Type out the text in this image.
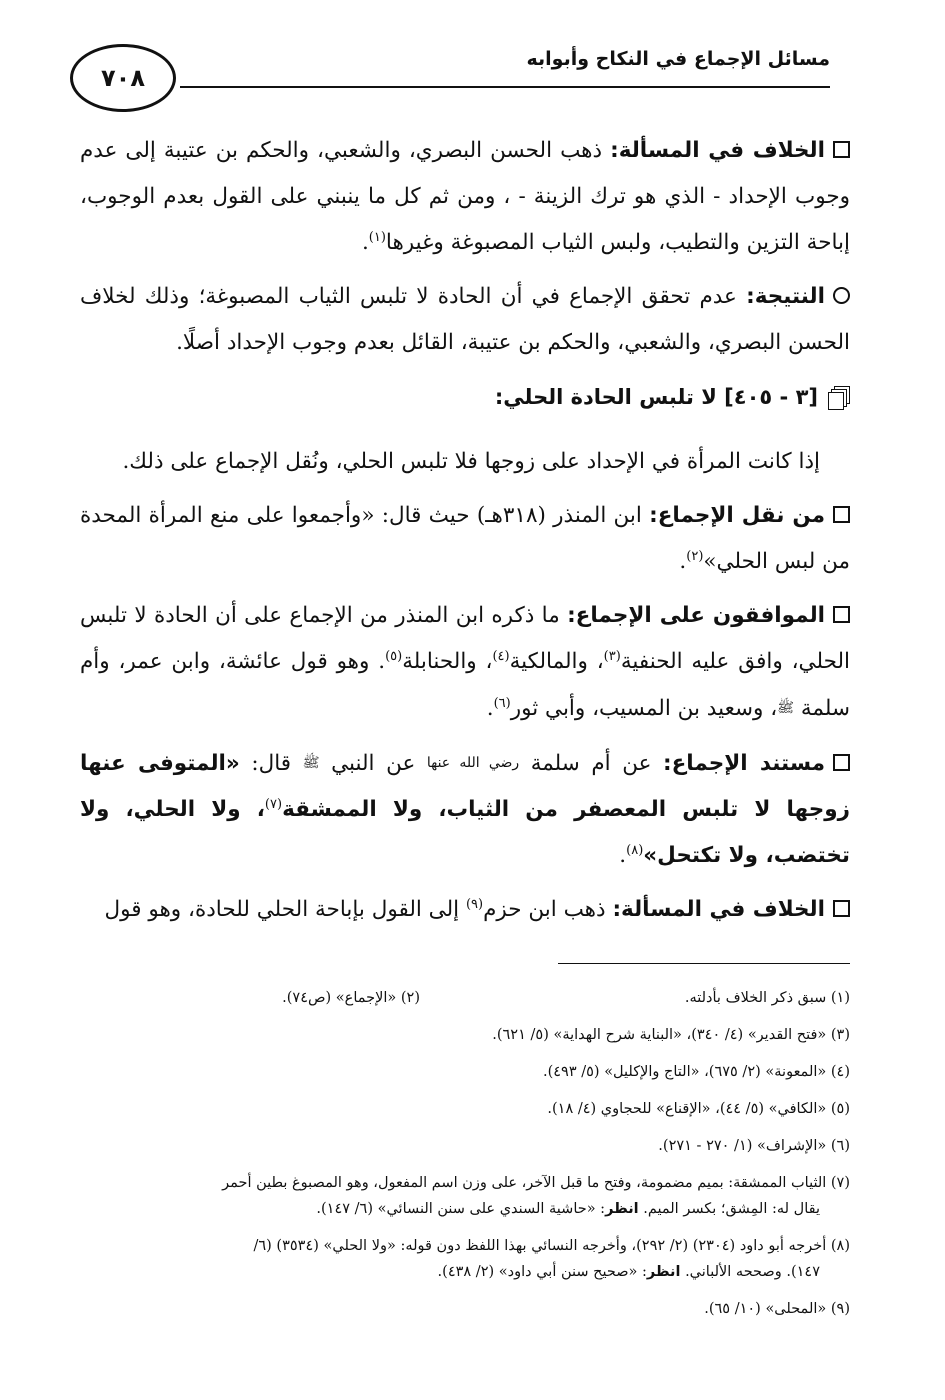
مسائل الإجماع في النكاح وأبوابه
٧٠٨

الخلاف في المسألة: ذهب الحسن البصري، والشعبي، والحكم بن عتيبة إلى عدم وجوب الإحداد - الذي هو ترك الزينة - ، ومن ثم كل ما ينبني على القول بعدم الوجوب، إباحة التزين والتطيب، ولبس الثياب المصبوغة وغيرها$^{(١)}$.

النتيجة: عدم تحقق الإجماع في أن الحادة لا تلبس الثياب المصبوغة؛ وذلك لخلاف الحسن البصري، والشعبي، والحكم بن عتيبة، القائل بعدم وجوب الإحداد أصلًا.

[٣ - ٤٠٥] لا تلبس الحادة الحلي:

إذا كانت المرأة في الإحداد على زوجها فلا تلبس الحلي، ونُقل الإجماع على ذلك.

من نقل الإجماع: ابن المنذر (٣١٨هـ) حيث قال: «وأجمعوا على منع المرأة المحدة من لبس الحلي»$^{(٢)}$.

الموافقون على الإجماع: ما ذكره ابن المنذر من الإجماع على أن الحادة لا تلبس الحلي، وافق عليه الحنفية$^{(٣)}$، والمالكية$^{(٤)}$، والحنابلة$^{(٥)}$. وهو قول عائشة، وابن عمر، وأم سلمة ﷺ، وسعيد بن المسيب، وأبي ثور$^{(٦)}$.

مستند الإجماع: عن أم سلمة رضي الله عنها عن النبي ﷺ قال: «المتوفى عنها زوجها لا تلبس المعصفر من الثياب، ولا الممشقة$^{(٧)}$، ولا الحلي، ولا تختضب، ولا تكتحل»$^{(٨)}$.

الخلاف في المسألة: ذهب ابن حزم$^{(٩)}$ إلى القول بإباحة الحلي للحادة، وهو قول

(١) سبق ذكر الخلاف بأدلته.
(٢) «الإجماع» (ص٧٤).
(٣) «فتح القدير» (٤/ ٣٤٠)، «البناية شرح الهداية» (٥/ ٦٢١).
(٤) «المعونة» (٢/ ٦٧٥)، «التاج والإكليل» (٥/ ٤٩٣).
(٥) «الكافي» (٥/ ٤٤)، «الإقناع» للحجاوي (٤/ ١٨).
(٦) «الإشراف» (١/ ٢٧٠ - ٢٧١).
(٧) الثياب الممشقة: بميم مضمومة، وفتح ما قبل الآخر، على وزن اسم المفعول، وهو المصبوغ بطين أحمر
يقال له: المِشق؛ بكسر الميم. انظر: «حاشية السندي على سنن النسائي» (٦/ ١٤٧).
(٨) أخرجه أبو داود (٢٣٠٤) (٢/ ٢٩٢)، وأخرجه النسائي بهذا اللفظ دون قوله: «ولا الحلي» (٣٥٣٤) (٦/
١٤٧). وصححه الألباني. انظر: «صحيح سنن أبي داود» (٢/ ٤٣٨).
(٩) «المحلى» (١٠/ ٦٥).
